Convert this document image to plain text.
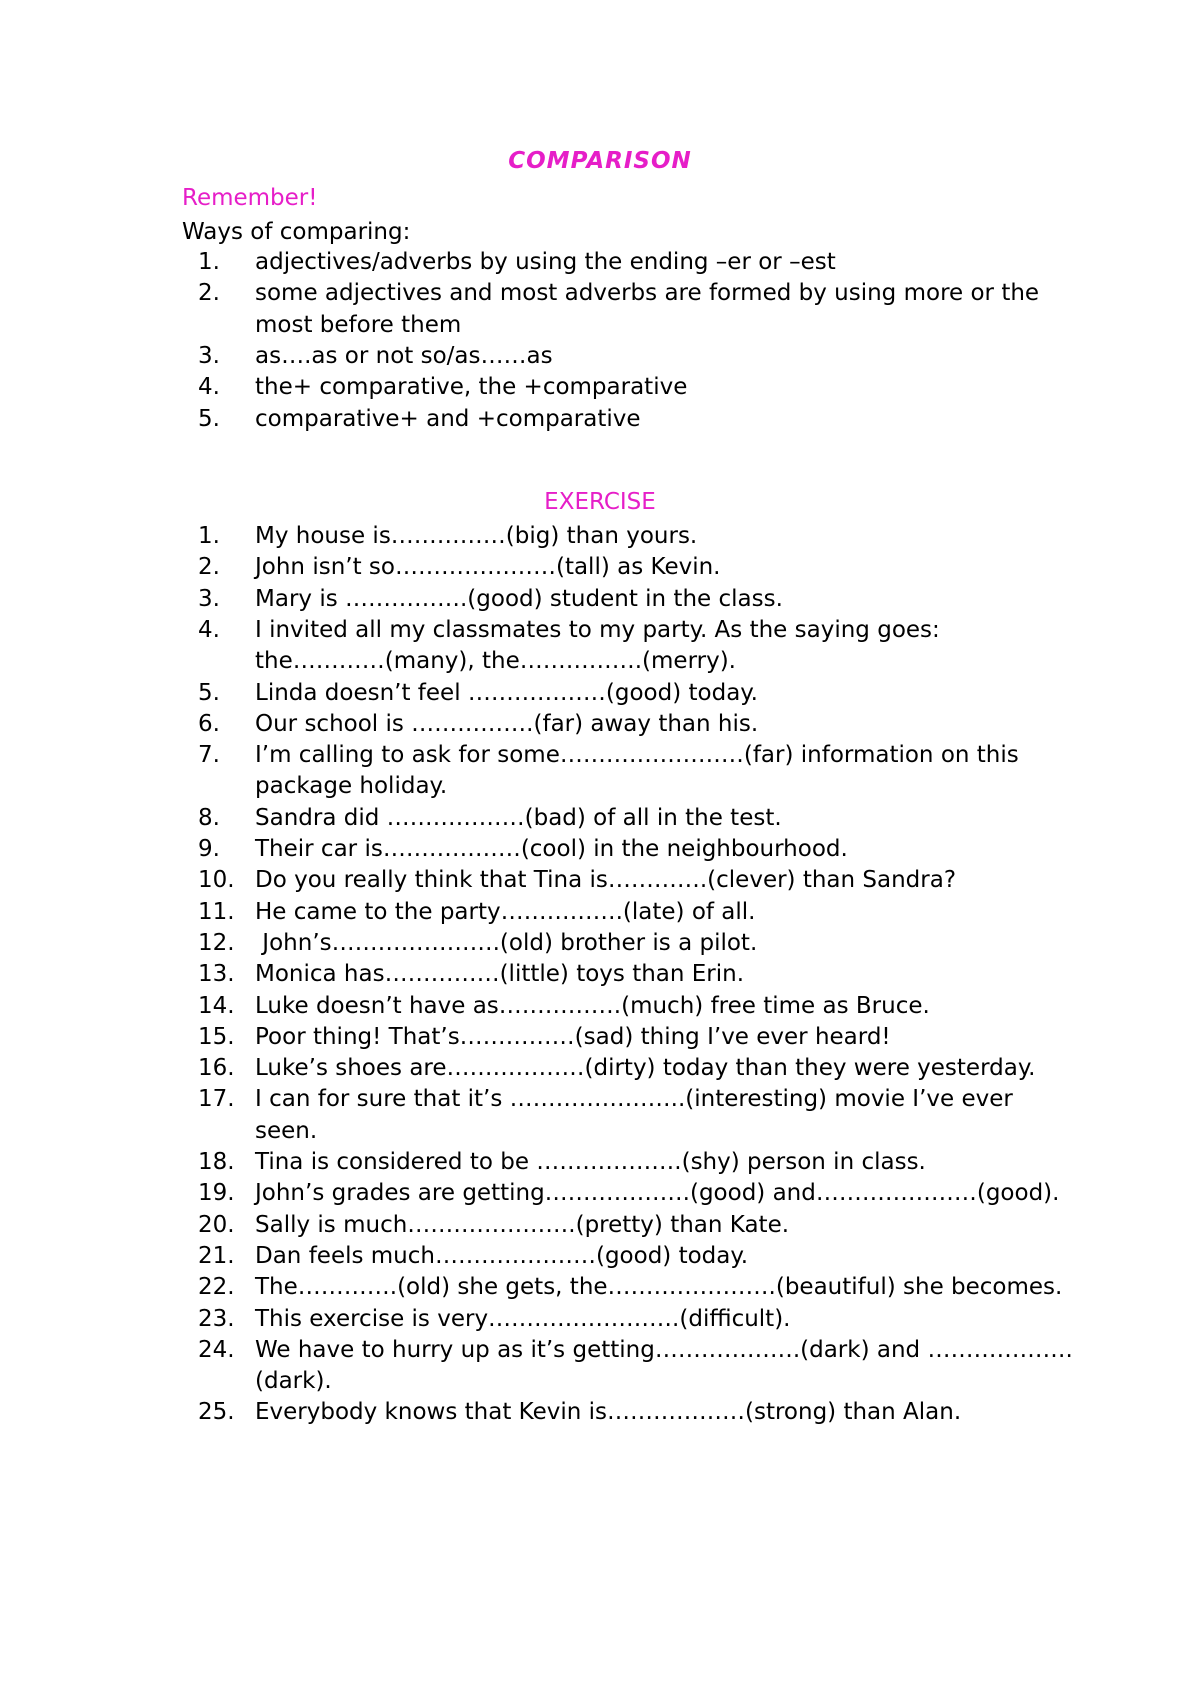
COMPARISON
Remember!
Ways of comparing:
1.	adjectives/adverbs by using the ending –er or –est
2.	some adjectives and most adverbs are formed by using more or the
most before them
3.	as….as or not so/as……as
4.	the+ comparative, the +comparative
5.	comparative+ and +comparative
EXERCISE
1.	My house is……………(big) than yours.
2.	John isn’t so…………………(tall) as Kevin.
3.	Mary is …………….(good) student in the class.
4.	I invited all my classmates to my party. As the saying goes:
the…………(many), the…………….(merry).
5.	Linda doesn’t feel ………………(good) today.
6.	Our school is …………….(far) away than his.
7.	I’m calling to ask for some……………………(far) information on this
package holiday.
8.	Sandra did ………………(bad) of all in the test.
9.	Their car is………………(cool) in the neighbourhood.
10. Do you really think that Tina is………….(clever) than Sandra?
11. He came to the party…………….(late) of all.
12. John’s………………….(old) brother is a pilot.
13. Monica has……………(little) toys than Erin.
14. Luke doesn’t have as…………….(much) free time as Bruce.
15. Poor thing! That’s……………(sad) thing I’ve ever heard!
16. Luke’s shoes are………………(dirty) today than they were yesterday.
17. I can for sure that it’s …………………..(interesting) movie I’ve ever
seen.
18. Tina is considered to be ……………….(shy) person in class.
19. John’s grades are getting……………….(good) and…………………(good).
20. Sally is much………………….(pretty) than Kate.
21. Dan feels much…………………(good) today.
22. The………….(old) she gets, the………………….(beautiful) she becomes.
23. This exercise is very…………………….(difficult).
24. We have to hurry up as it’s getting……………….(dark) and ……………….
(dark).
25. Everybody knows that Kevin is………………(strong) than Alan.
